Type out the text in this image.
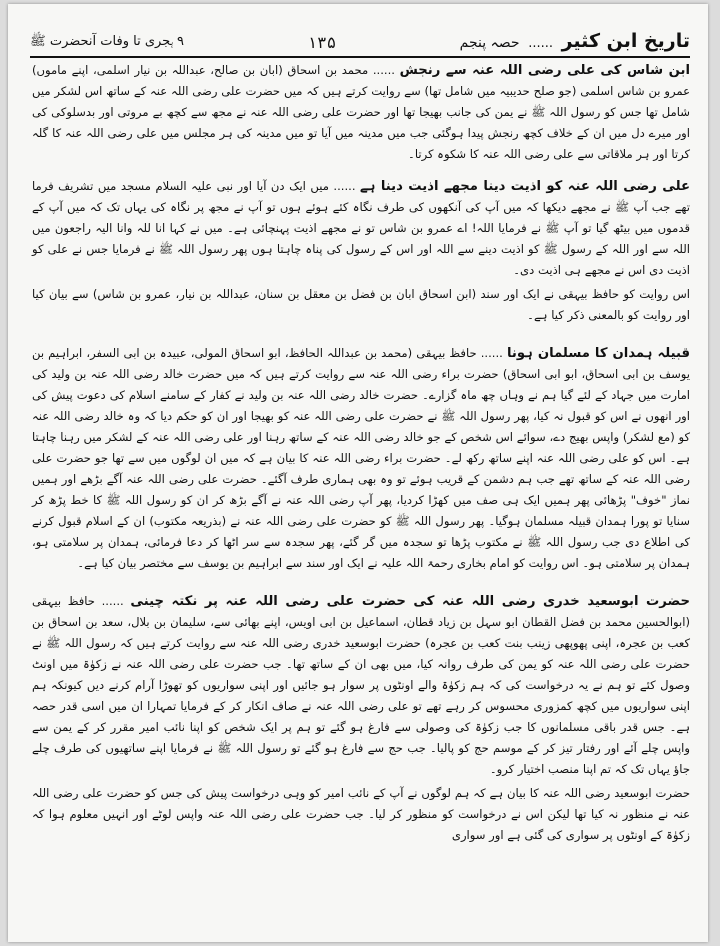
تاریخ ابن کثیر ...... حصہ پنجم
١٣۵
٩ ہجری تا وفات آنحضرت ﷺ

ابن شاس کی علی رضی اللہ عنہ سے رنجش ...... محمد بن اسحاق (ابان بن صالح، عبداللہ بن نیار اسلمی، اپنے ماموں) عمرو بن شاس اسلمی (جو صلح حدیبیہ میں شامل تھا) سے روایت کرتے ہیں کہ میں حضرت علی رضی اللہ عنہ کے ساتھ اس لشکر میں شامل تھا جس کو رسول اللہ ﷺ نے یمن کی جانب بھیجا تھا اور حضرت علی رضی اللہ عنہ نے مجھ سے کچھ بے مروتی اور بدسلوکی کی اور میرے دل میں ان کے خلاف کچھ رنجش پیدا ہوگئی جب میں مدینہ میں آیا تو میں مدینہ کی ہر مجلس میں علی رضی اللہ عنہ کا گلہ کرتا اور ہر ملاقاتی سے علی رضی اللہ عنہ کا شکوہ کرتا۔

علی رضی اللہ عنہ کو اذیت دینا مجھے اذیت دینا ہے ...... میں ایک دن آیا اور نبی علیہ السلام مسجد میں تشریف فرما تھے جب آپ ﷺ نے مجھے دیکھا کہ میں آپ کی آنکھوں کی طرف نگاہ کئے ہوئے ہوں تو آپ نے مجھ پر نگاہ کی یہاں تک کہ میں آپ کے قدموں میں بیٹھ گیا تو آپ ﷺ نے فرمایا اللہ! اے عمرو بن شاس تو نے مجھے اذیت پہنچائی ہے۔ میں نے کہا انا للہ وانا الیہ راجعون میں اللہ سے اور اللہ کے رسول ﷺ کو اذیت دینے سے اللہ اور اس کے رسول کی پناہ چاہتا ہوں پھر رسول اللہ ﷺ نے فرمایا جس نے علی کو اذیت دی اس نے مجھے ہی اذیت دی۔

اس روایت کو حافظ بیہقی نے ایک اور سند (ابن اسحاق ابان بن فضل بن معقل بن سنان، عبداللہ بن نیار، عمرو بن شاس) سے بیان کیا اور روایت کو بالمعنی ذکر کیا ہے۔

قبیلہ ہمدان کا مسلمان ہونا ...... حافظ بیہقی (محمد بن عبداللہ الحافظ، ابو اسحاق المولی، عبیدہ بن ابی السفر، ابراہیم بن یوسف بن ابی اسحاق، ابو ابی اسحاق) حضرت براء رضی اللہ عنہ سے روایت کرتے ہیں کہ میں حضرت خالد رضی اللہ عنہ بن ولید کی امارت میں جہاد کے لئے گیا ہم نے وہاں چھ ماہ گزارے۔ حضرت خالد رضی اللہ عنہ بن ولید نے کفار کے سامنے اسلام کی دعوت پیش کی اور انھوں نے اس کو قبول نہ کیا، پھر رسول اللہ ﷺ نے حضرت علی رضی اللہ عنہ کو بھیجا اور ان کو حکم دیا کہ وہ خالد رضی اللہ عنہ کو (مع لشکر) واپس بھیج دے، سوائے اس شخص کے جو خالد رضی اللہ عنہ کے ساتھ رہنا اور علی رضی اللہ عنہ کے لشکر میں رہنا چاہتا ہے۔ اس کو علی رضی اللہ عنہ اپنے ساتھ رکھ لے۔ حضرت براء رضی اللہ عنہ کا بیان ہے کہ میں ان لوگوں میں سے تھا جو حضرت علی رضی اللہ عنہ کے ساتھ تھے جب ہم دشمن کے قریب ہوئے تو وہ بھی ہماری طرف آگئے۔ حضرت علی رضی اللہ عنہ آگے بڑھے اور ہمیں نماز "خوف" پڑھائی پھر ہمیں ایک ہی صف میں کھڑا کردیا، پھر آپ رضی اللہ عنہ نے آگے بڑھ کر ان کو رسول اللہ ﷺ کا خط پڑھ کر سنایا تو پورا ہمدان قبیلہ مسلمان ہوگیا۔ پھر رسول اللہ ﷺ کو حضرت علی رضی اللہ عنہ نے (بذریعہ مکتوب) ان کے اسلام قبول کرنے کی اطلاع دی جب رسول اللہ ﷺ نے مکتوب پڑھا تو سجدہ میں گر گئے، پھر سجدہ سے سر اٹھا کر دعا فرمائی، ہمدان پر سلامتی ہو، ہمدان پر سلامتی ہو۔ اس روایت کو امام بخاری رحمۃ اللہ علیہ نے ایک اور سند سے ابراہیم بن یوسف سے مختصر بیان کیا ہے۔

حضرت ابوسعید خدری رضی اللہ عنہ کی حضرت علی رضی اللہ عنہ پر نکتہ چینی ...... حافظ بیہقی (ابوالحسین محمد بن فضل القطان ابو سہل بن زیاد قطان، اسماعیل بن ابی اویس، اپنے بھائی سے، سلیمان بن بلال، سعد بن اسحاق بن کعب بن عجرہ، اپنی پھوپھی زینب بنت کعب بن عجرہ) حضرت ابوسعید خدری رضی اللہ عنہ سے روایت کرتے ہیں کہ رسول اللہ ﷺ نے حضرت علی رضی اللہ عنہ کو یمن کی طرف روانہ کیا، میں بھی ان کے ساتھ تھا۔ جب حضرت علی رضی اللہ عنہ نے زکوٰۃ میں اونٹ وصول کئے تو ہم نے یہ درخواست کی کہ ہم زکوٰۃ والے اونٹوں پر سوار ہو جائیں اور اپنی سواریوں کو تھوڑا آرام کرنے دیں کیونکہ ہم اپنی سواریوں میں کچھ کمزوری محسوس کر رہے تھے تو علی رضی اللہ عنہ نے صاف انکار کر کے فرمایا تمہارا ان میں اسی قدر حصہ ہے۔ جس قدر باقی مسلمانوں کا جب زکوٰۃ کی وصولی سے فارغ ہو گئے تو ہم پر ایک شخص کو اپنا نائب امیر مقرر کر کے یمن سے واپس چلے آئے اور رفتار تیز کر کے موسم حج کو پالیا۔ جب حج سے فارغ ہو گئے تو رسول اللہ ﷺ نے فرمایا اپنے ساتھیوں کی طرف چلے جاؤ یہاں تک کہ تم اپنا منصب اختیار کرو۔

حضرت ابوسعید رضی اللہ عنہ کا بیان ہے کہ ہم لوگوں نے آپ کے نائب امیر کو وہی درخواست پیش کی جس کو حضرت علی رضی اللہ عنہ نے منظور نہ کیا تھا لیکن اس نے درخواست کو منظور کر لیا۔ جب حضرت علی رضی اللہ عنہ واپس لوٹے اور انہیں معلوم ہوا کہ زکوٰۃ کے اونٹوں پر سواری کی گئی ہے اور سواری
